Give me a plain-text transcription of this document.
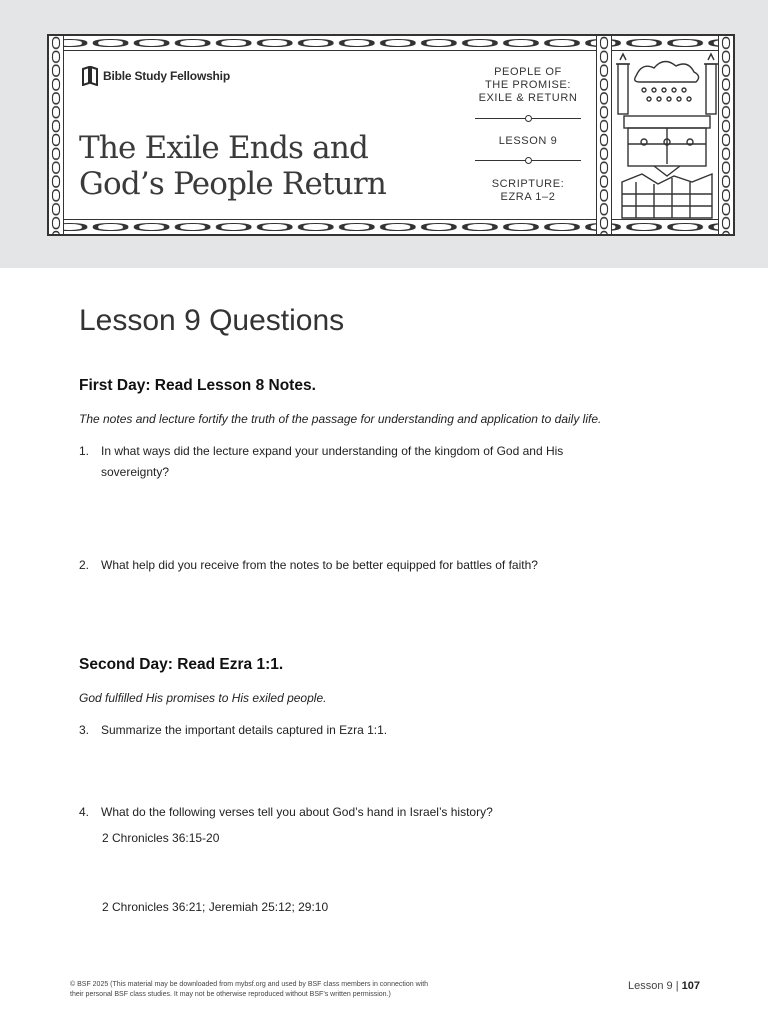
Bible Study Fellowship
The Exile Ends and
God’s People Return
PEOPLE OF
THE PROMISE:
EXILE & RETURN
LESSON 9
SCRIPTURE:
EZRA 1–2
Lesson 9 Questions
First Day: Read Lesson 8 Notes.
The notes and lecture fortify the truth of the passage for understanding and application to daily life.
1. In what ways did the lecture expand your understanding of the kingdom of God and His
sovereignty?
2. What help did you receive from the notes to be better equipped for battles of faith?
Second Day: Read Ezra 1:1.
God fulfilled His promises to His exiled people.
3. Summarize the important details captured in Ezra 1:1.
4. What do the following verses tell you about God’s hand in Israel’s history?
2 Chronicles 36:15-20
2 Chronicles 36:21; Jeremiah 25:12; 29:10
© BSF 2025 (This material may be downloaded from mybsf.org and used by BSF class members in connection with
their personal BSF class studies. It may not be otherwise reproduced without BSF’s written permission.)
Lesson 9 | 107
